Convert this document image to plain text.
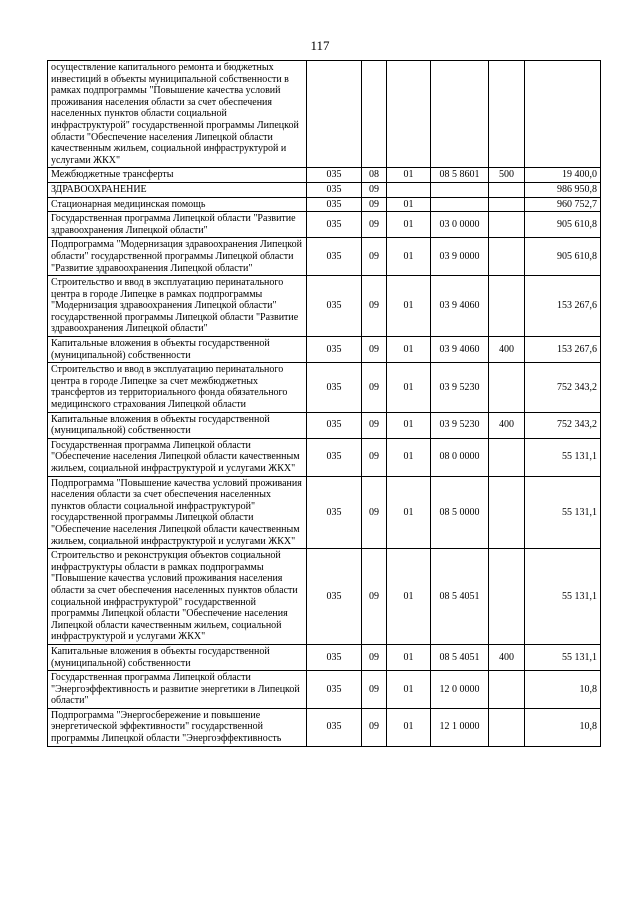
117
осуществление капитального ремонта и бюджетных инвестиций в объекты муниципальной собственности в рамках подпрограммы "Повышение качества условий проживания населения области за счет обеспечения населенных пунктов области социальной инфраструктурой" государственной программы Липецкой области "Обеспечение населения Липецкой области качественным жильем, социальной инфраструктурой и услугами ЖКХ"						
Межбюджетные трансферты	035	08	01	08 5 8601	500	19 400,0
ЗДРАВООХРАНЕНИЕ	035	09				986 950,8
Стационарная медицинская помощь	035	09	01			960 752,7
Государственная программа Липецкой области "Развитие здравоохранения Липецкой области"	035	09	01	03 0 0000		905 610,8
Подпрограмма "Модернизация здравоохранения Липецкой области" государственной программы Липецкой области "Развитие здравоохранения Липецкой области"	035	09	01	03 9 0000		905 610,8
Строительство и ввод в эксплуатацию перинатального центра в городе Липецке в рамках подпрограммы "Модернизация здравоохранения Липецкой области" государственной программы Липецкой области "Развитие здравоохранения Липецкой области"	035	09	01	03 9 4060		153 267,6
Капитальные вложения в объекты государственной (муниципальной) собственности	035	09	01	03 9 4060	400	153 267,6
Строительство и ввод в эксплуатацию перинатального центра в городе Липецке за счет межбюджетных трансфертов из территориального фонда обязательного медицинского страхования Липецкой области	035	09	01	03 9 5230		752 343,2
Капитальные вложения в объекты государственной (муниципальной) собственности	035	09	01	03 9 5230	400	752 343,2
Государственная программа Липецкой области "Обеспечение населения Липецкой области качественным жильем, социальной инфраструктурой и услугами ЖКХ"	035	09	01	08 0 0000		55 131,1
Подпрограмма "Повышение качества условий проживания населения области за счет обеспечения населенных пунктов области социальной инфраструктурой" государственной программы Липецкой области "Обеспечение населения Липецкой области качественным жильем, социальной инфраструктурой и услугами ЖКХ"	035	09	01	08 5 0000		55 131,1
Строительство и реконструкция объектов социальной инфраструктуры области в рамках подпрограммы "Повышение качества условий проживания населения области за счет обеспечения населенных пунктов области социальной инфраструктурой" государственной программы Липецкой области "Обеспечение населения Липецкой области качественным жильем, социальной инфраструктурой и услугами ЖКХ"	035	09	01	08 5 4051		55 131,1
Капитальные вложения в объекты государственной (муниципальной) собственности	035	09	01	08 5 4051	400	55 131,1
Государственная программа Липецкой области "Энергоэффективность и развитие энергетики в Липецкой области"	035	09	01	12 0 0000		10,8
Подпрограмма "Энергосбережение и повышение энергетической эффективности" государственной программы Липецкой области "Энергоэффективность	035	09	01	12 1 0000		10,8
